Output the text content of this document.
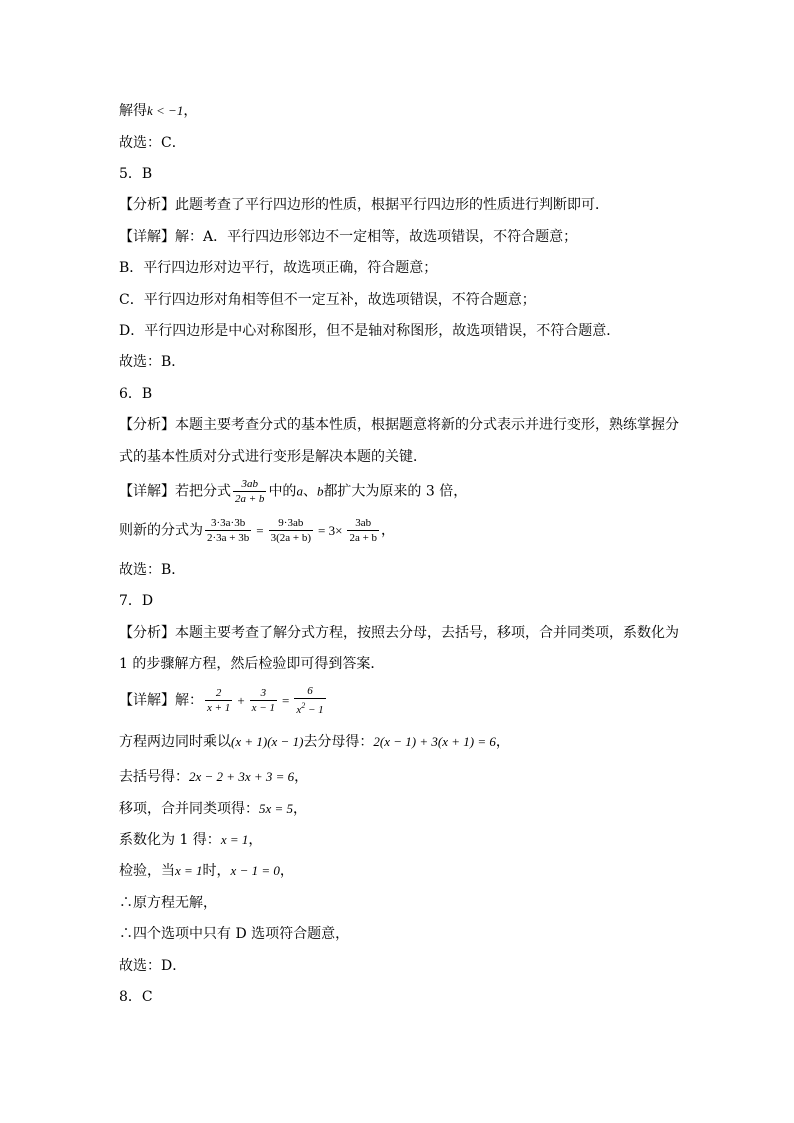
解得k < −1，
故选：C．
5．B
【分析】此题考查了平行四边形的性质，根据平行四边形的性质进行判断即可．
【详解】解：A．平行四边形邻边不一定相等，故选项错误，不符合题意；
B．平行四边形对边平行，故选项正确，符合题意；
C．平行四边形对角相等但不一定互补，故选项错误，不符合题意；
D．平行四边形是中心对称图形，但不是轴对称图形，故选项错误，不符合题意．
故选：B．
6．B
【分析】本题主要考查分式的基本性质，根据题意将新的分式表示并进行变形，熟练掌握分
式的基本性质对分式进行变形是解决本题的关键．
【详解】若把分式 $\frac{3ab}{2a + b}$ 中的a、b都扩大为原来的 3 倍，
则新的分式为 $\frac{3\cdot 3a\cdot 3b}{2\cdot 3a + 3b} = \frac{9\cdot 3ab}{3(2a + b)} = 3\times \frac{3ab}{2a + b}$ ，
故选：B．
7．D
【分析】本题主要考查了解分式方程，按照去分母，去括号，移项，合并同类项，系数化为
1 的步骤解方程，然后检验即可得到答案．
【详解】解： $\frac{2}{x + 1} + \frac{3}{x - 1} = \frac{6}{x^2 - 1}$
方程两边同时乘以(x + 1)(x − 1)去分母得：2(x − 1) + 3(x + 1) = 6，
去括号得：2x − 2 + 3x + 3 = 6，
移项，合并同类项得：5x = 5，
系数化为 1 得：x = 1，
检验，当x = 1时，x − 1 = 0，
∴原方程无解，
∴四个选项中只有 D 选项符合题意，
故选：D．
8．C
